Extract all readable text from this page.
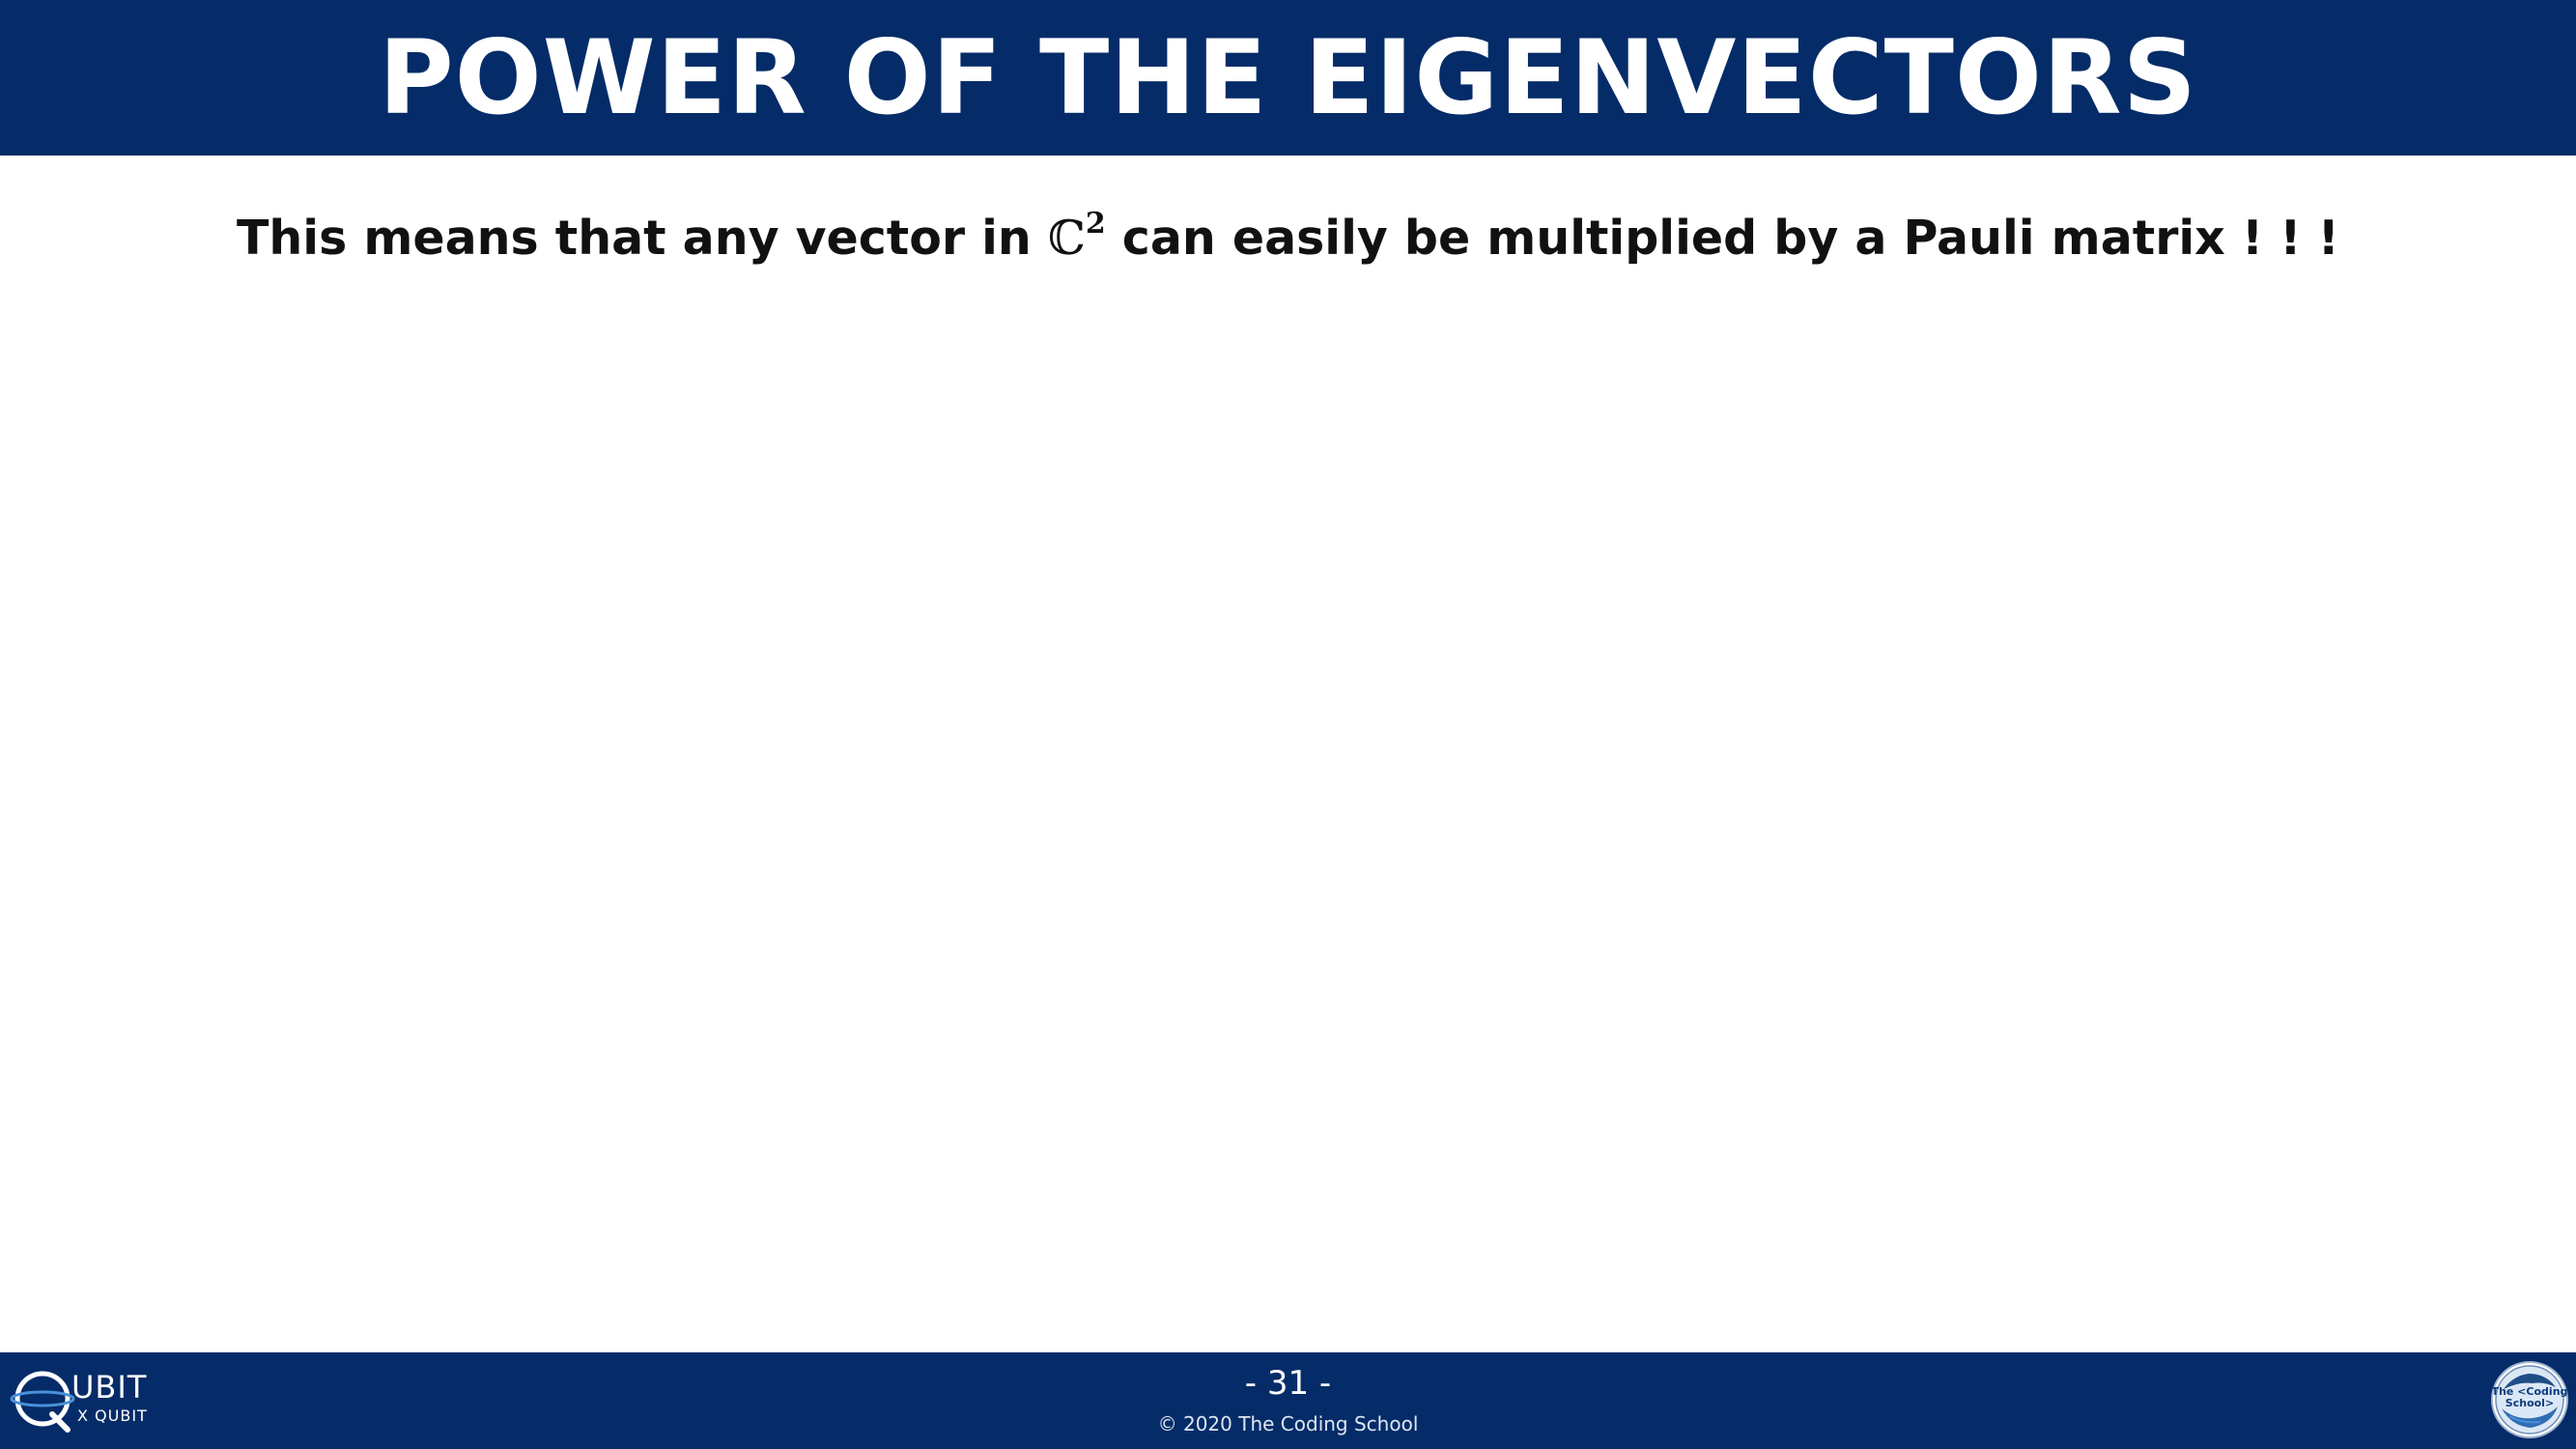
POWER OF THE EIGENVECTORS
This means that any vector in ℂ$^2$ can easily be multiplied by a Pauli matrix ! ! !
UBIT
X QUBIT
- 31 -
© 2020 The Coding School
The <Coding School>
